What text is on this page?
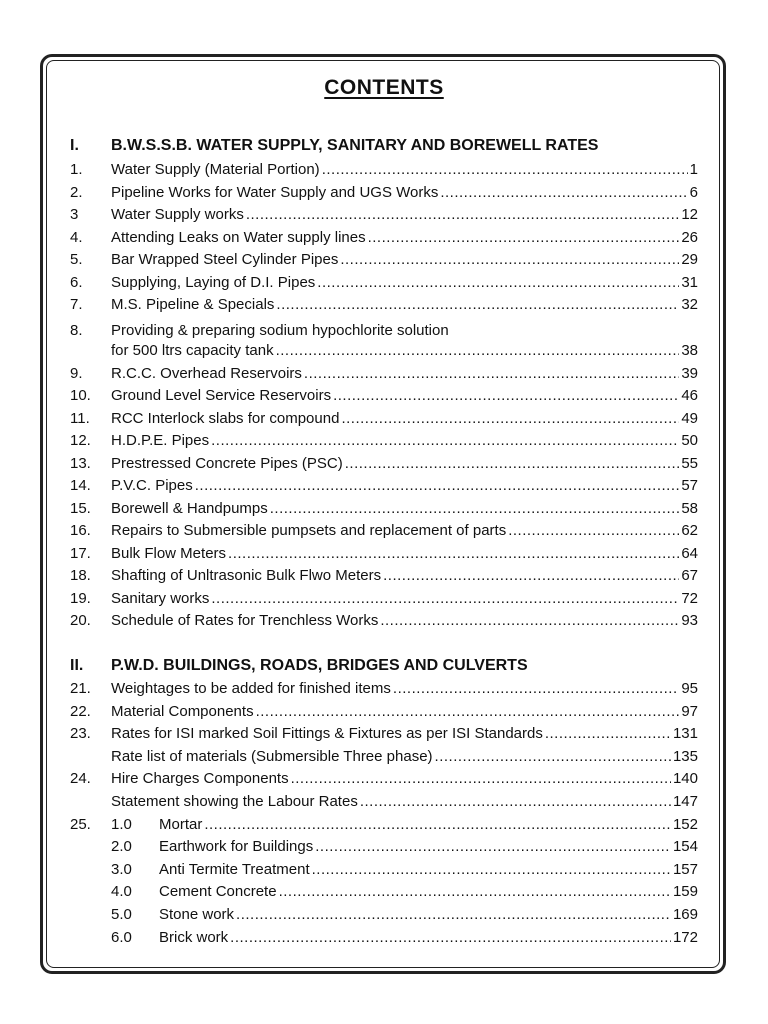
CONTENTS
I.	B.W.S.S.B. WATER SUPPLY, SANITARY AND BOREWELL RATES
1.	Water Supply (Material Portion) .....	1
2.	Pipeline Works for Water Supply and UGS Works .....	6
3	Water Supply works .....	12
4.	Attending Leaks on Water supply lines .....	26
5.	Bar Wrapped Steel Cylinder Pipes .....	29
6.	Supplying, Laying of D.I. Pipes .....	31
7.	M.S. Pipeline & Specials .....	32
8.	Providing & preparing sodium hypochlorite solution
for 500 ltrs capacity tank .....	38
9.	R.C.C. Overhead Reservoirs .....	39
10.	Ground Level Service Reservoirs .....	46
11.	RCC Interlock slabs for compound .....	49
12.	H.D.P.E. Pipes .....	50
13.	Prestressed Concrete Pipes (PSC) .....	55
14.	P.V.C. Pipes .....	57
15.	Borewell & Handpumps .....	58
16.	Repairs to Submersible pumpsets and replacement of parts .....	62
17.	Bulk Flow Meters .....	64
18.	Shafting of Unltrasonic Bulk Flwo Meters .....	67
19.	Sanitary works .....	72
20.	Schedule of Rates for Trenchless Works .....	93
II.	P.W.D. BUILDINGS, ROADS, BRIDGES AND CULVERTS
21.	Weightages to be added for finished items .....	95
22.	Material Components .....	97
23.	Rates for ISI marked Soil Fittings & Fixtures as per ISI Standards .....	131
Rate list of materials (Submersible Three phase) .....	135
24.	Hire Charges Components .....	140
Statement showing the Labour Rates .....	147
25.	1.0	Mortar .....	152
2.0	Earthwork for Buildings .....	154
3.0	Anti Termite Treatment .....	157
4.0	Cement Concrete .....	159
5.0	Stone work .....	169
6.0	Brick work .....	172
